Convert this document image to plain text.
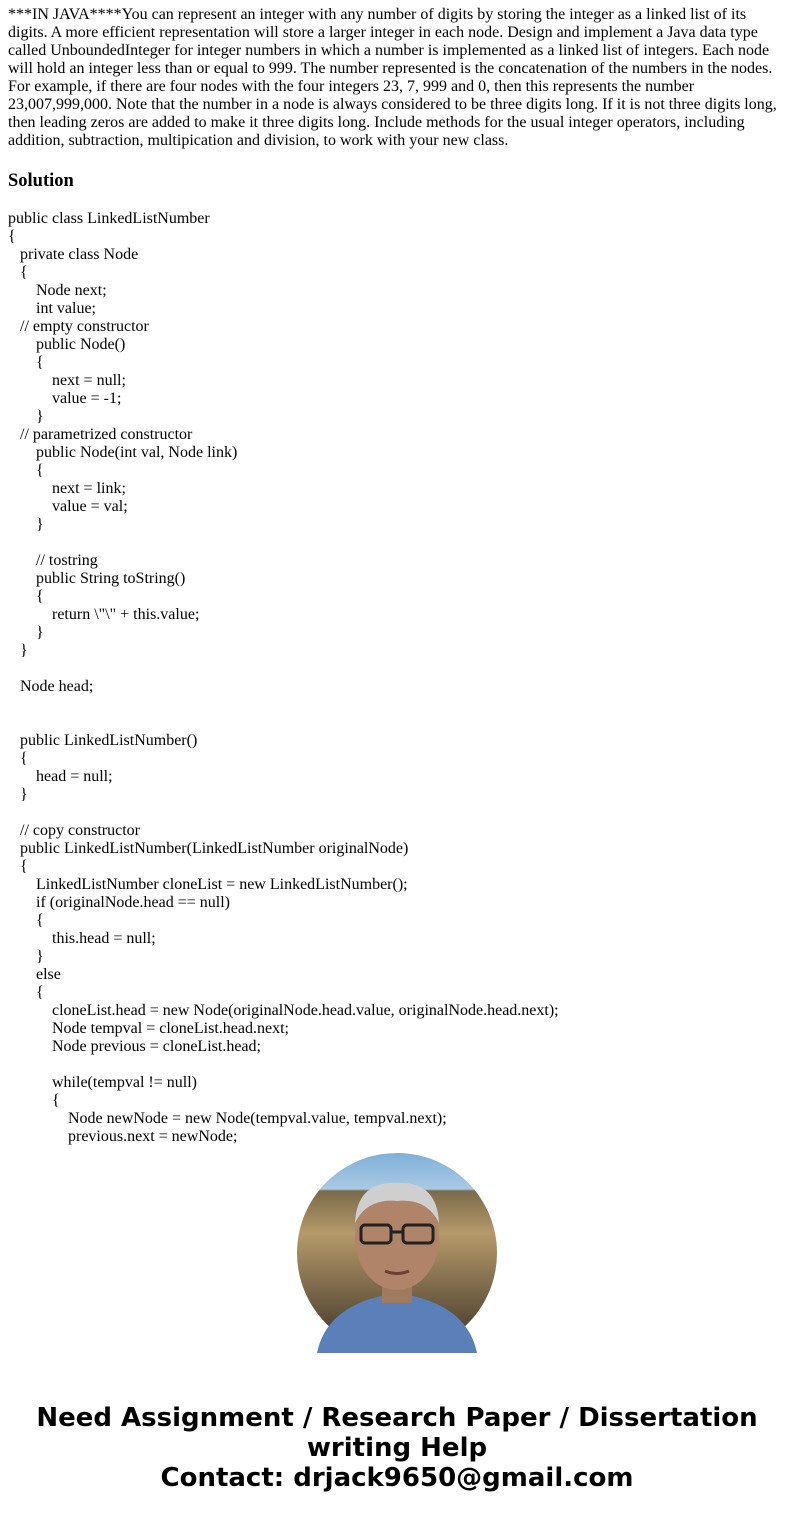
***IN JAVA****You can represent an integer with any number of digits by storing the integer as a linked list of its digits. A more efficient representation will store a larger integer in each node. Design and implement a Java data type called UnboundedInteger for integer numbers in which a number is implemented as a linked list of integers. Each node will hold an integer less than or equal to 999. The number represented is the concatenation of the numbers in the nodes. For example, if there are four nodes with the four integers 23, 7, 999 and 0, then this represents the number 23,007,999,000. Note that the number in a node is always considered to be three digits long. If it is not three digits long, then leading zeros are added to make it three digits long. Include methods for the usual integer operators, including addition, subtraction, multipication and division, to work with your new class.
Solution
public class LinkedListNumber
{
private class Node
{
Node next;
int value;
// empty constructor
public Node()
{
next = null;
value = -1;
}
// parametrized constructor
public Node(int val, Node link)
{
next = link;
value = val;
}
// tostring
public String toString()
{
return \"\" + this.value;
}
}
Node head;
public LinkedListNumber()
{
head = null;
}
// copy constructor
public LinkedListNumber(LinkedListNumber originalNode)
{
LinkedListNumber cloneList = new LinkedListNumber();
if (originalNode.head == null)
{
this.head = null;
}
else
{
cloneList.head = new Node(originalNode.head.value, originalNode.head.next);
Node tempval = cloneList.head.next;
Node previous = cloneList.head;
while(tempval != null)
{
Node newNode = new Node(tempval.value, tempval.next);
previous.next = newNode;
Need Assignment / Research Paper / Dissertation writing Help
Contact: drjack9650@gmail.com
